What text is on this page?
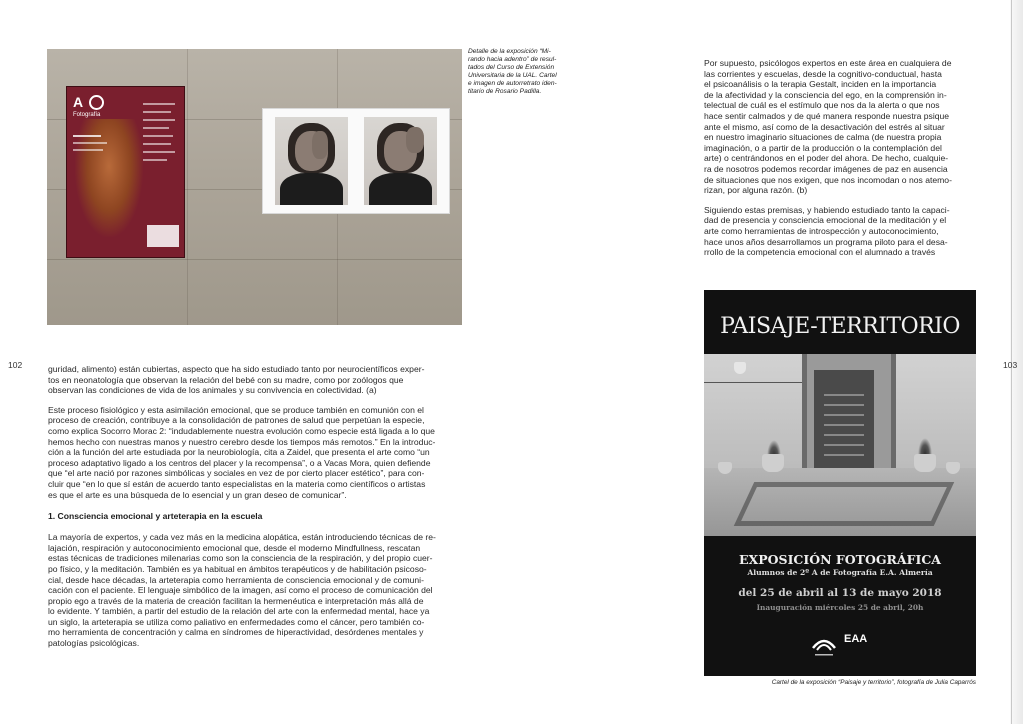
102	103
A
Fotografía
Detalle de la exposición “Mi-
rando hacia adentro” de resul-
tados del Curso de Extensión
Universitaria de la UAL. Cartel
e imagen de autorretrato iden-
titario de Rosario Padilla.

guridad, alimento) están cubiertas, aspecto que ha sido estudiado tanto por neurocientíficos exper-
tos en neonatología que observan la relación del bebé con su madre, como por zoólogos que
observan las condiciones de vida de los animales y su convivencia en colectividad. (a)

Este proceso fisiológico y esta asimilación emocional, que se produce también en comunión con el
proceso de creación, contribuye a la consolidación de patrones de salud que perpetúan la especie,
como explica Socorro Morac 2: “indudablemente nuestra evolución como especie está ligada a lo que
hemos hecho con nuestras manos y nuestro cerebro desde los tiempos más remotos.” En la introduc-
ción a la función del arte estudiada por la neurobiología, cita a Zaidel, que presenta el arte como “un
proceso adaptativo ligado a los centros del placer y la recompensa”, o a Vacas Mora, quien defiende
que “el arte nació por razones simbólicas y sociales en vez de por cierto placer estético”, para con-
cluir que “en lo que sí están de acuerdo tanto especialistas en la materia como científicos o artistas
es que el arte es una búsqueda de lo esencial y un gran deseo de comunicar”.

1. Consciencia emocional y arteterapia en la escuela

La mayoría de expertos, y cada vez más en la medicina alopática, están introduciendo técnicas de re-
lajación, respiración y autoconocimiento emocional que, desde el moderno Mindfullness, rescatan
estas técnicas de tradiciones milenarias como son la consciencia de la respiración, y del propio cuer-
po físico, y la meditación. También es ya habitual en ámbitos terapéuticos y de habilitación psicoso-
cial, desde hace décadas, la arteterapia como herramienta de consciencia emocional y de comuni-
cación con el paciente. El lenguaje simbólico de la imagen, así como el proceso de comunicación del
propio ego a través de la materia de creación facilitan la hermenéutica e interpretación más allá de
lo evidente. Y también, a partir del estudio de la relación del arte con la enfermedad mental, hace ya
un siglo, la arteterapia se utiliza como paliativo en enfermedades como el cáncer, pero también co-
mo herramienta de concentración y calma en síndromes de hiperactividad, desórdenes mentales y
patologías psicológicas.

Por supuesto, psicólogos expertos en este área en cualquiera de
las corrientes y escuelas, desde la cognitivo-conductual, hasta
el psicoanálisis o la terapia Gestalt, inciden en la importancia
de la afectividad y la consciencia del ego, en la comprensión in-
telectual de cuál es el estímulo que nos da la alerta o que nos
hace sentir calmados y de qué manera responde nuestra psique
ante el mismo, así como de la desactivación del estrés al situar
en nuestro imaginario situaciones de calma (de nuestra propia
imaginación, o a partir de la producción o la contemplación del
arte) o centrándonos en el poder del ahora. De hecho, cualquie-
ra de nosotros podemos recordar imágenes de paz en ausencia
de situaciones que nos exigen, que nos incomodan o nos atemo-
rizan, por alguna razón. (b)

Siguiendo estas premisas, y habiendo estudiado tanto la capaci-
dad de presencia y consciencia emocional de la meditación y el
arte como herramientas de introspección y autoconocimiento,
hace unos años desarrollamos un programa piloto para el desa-
rrollo de la competencia emocional con el alumnado a través

PAISAJE-TERRITORIO
EXPOSICIÓN FOTOGRÁFICA
Alumnos de 2º A de Fotografía E.A. Almería
del 25 de abril al 13 de mayo 2018
Inauguración miércoles 25 de abril, 20h
EAA
Cartel de la exposición “Paisaje y territorio”, fotografía de Julia Caparrós
